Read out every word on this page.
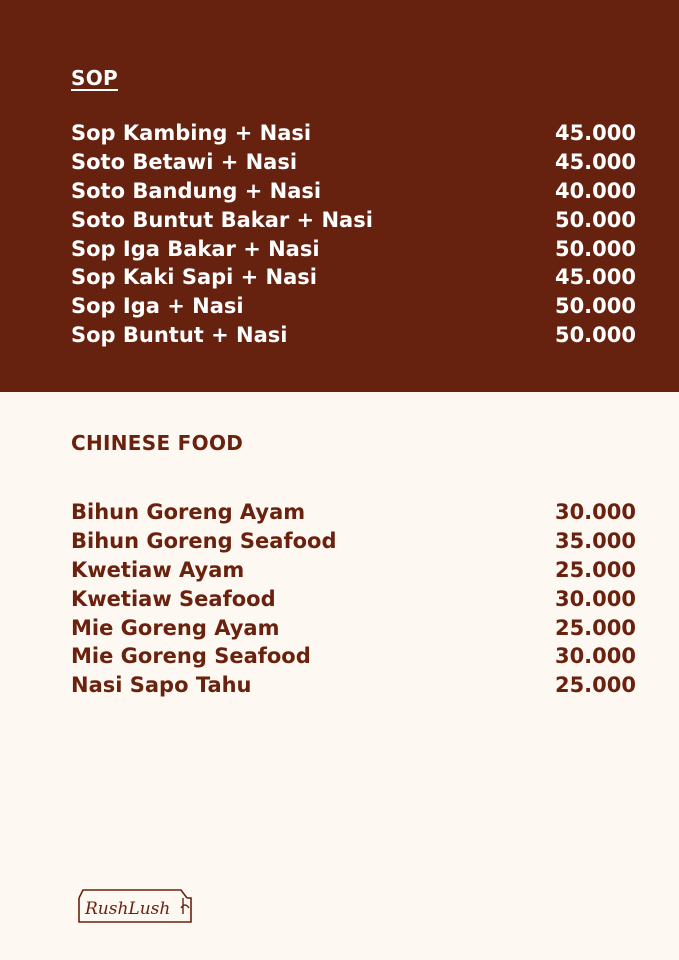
SOP
Sop Kambing + Nasi	45.000
Soto Betawi + Nasi	45.000
Soto Bandung + Nasi	40.000
Soto Buntut Bakar + Nasi	50.000
Sop Iga Bakar + Nasi	50.000
Sop Kaki Sapi + Nasi	45.000
Sop Iga + Nasi	50.000
Sop Buntut + Nasi	50.000
CHINESE FOOD
Bihun Goreng Ayam	30.000
Bihun Goreng Seafood	35.000
Kwetiaw Ayam	25.000
Kwetiaw Seafood	30.000
Mie Goreng Ayam	25.000
Mie Goreng Seafood	30.000
Nasi Sapo Tahu	25.000
RushLush
